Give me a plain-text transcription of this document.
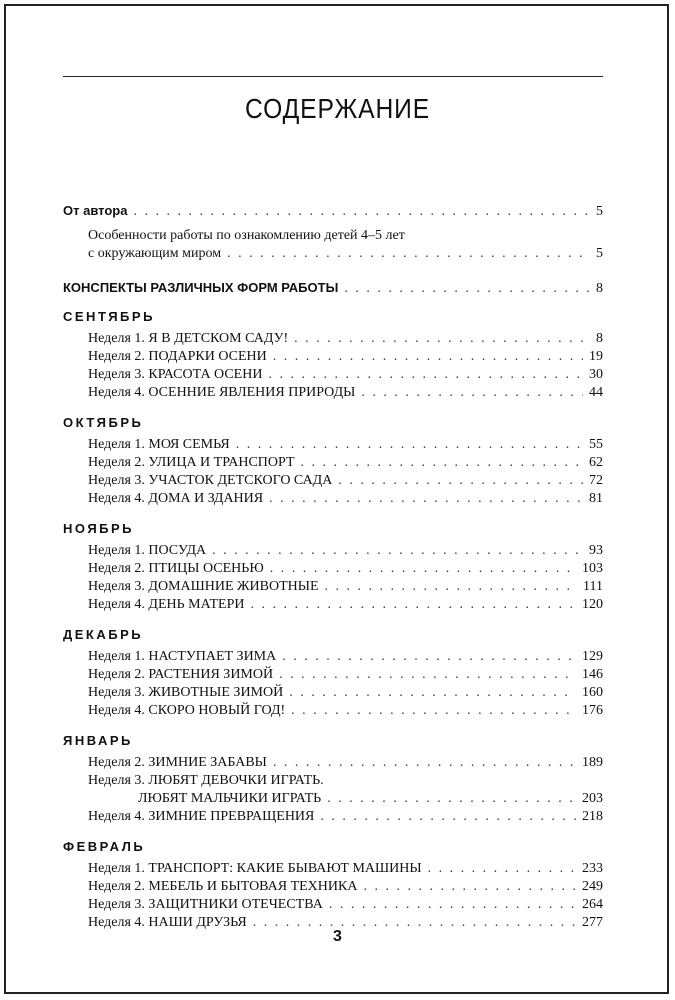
СОДЕРЖАНИЕ
От автора . . .	5
Особенности работы по ознакомлению детей 4–5 лет
с окружающим миром . . .	5
КОНСПЕКТЫ РАЗЛИЧНЫХ ФОРМ РАБОТЫ . . .	8
СЕНТЯБРЬ
Неделя 1. Я В ДЕТСКОМ САДУ! . . .	8
Неделя 2. ПОДАРКИ ОСЕНИ . . .	19
Неделя 3. КРАСОТА ОСЕНИ . . .	30
Неделя 4. ОСЕННИЕ ЯВЛЕНИЯ ПРИРОДЫ . . .	44
ОКТЯБРЬ
Неделя 1. МОЯ СЕМЬЯ . . .	55
Неделя 2. УЛИЦА И ТРАНСПОРТ . . .	62
Неделя 3. УЧАСТОК ДЕТСКОГО САДА . . .	72
Неделя 4. ДОМА И ЗДАНИЯ . . .	81
НОЯБРЬ
Неделя 1. ПОСУДА . . .	93
Неделя 2. ПТИЦЫ ОСЕНЬЮ . . .	103
Неделя 3. ДОМАШНИЕ ЖИВОТНЫЕ . . .	111
Неделя 4. ДЕНЬ МАТЕРИ . . .	120
ДЕКАБРЬ
Неделя 1. НАСТУПАЕТ ЗИМА . . .	129
Неделя 2. РАСТЕНИЯ ЗИМОЙ . . .	146
Неделя 3. ЖИВОТНЫЕ ЗИМОЙ . . .	160
Неделя 4. СКОРО НОВЫЙ ГОД! . . .	176
ЯНВАРЬ
Неделя 2. ЗИМНИЕ ЗАБАВЫ . . .	189
Неделя 3. ЛЮБЯТ ДЕВОЧКИ ИГРАТЬ.
ЛЮБЯТ МАЛЬЧИКИ ИГРАТЬ . . .	203
Неделя 4. ЗИМНИЕ ПРЕВРАЩЕНИЯ . . .	218
ФЕВРАЛЬ
Неделя 1. ТРАНСПОРТ: КАКИЕ БЫВАЮТ МАШИНЫ . . .	233
Неделя 2. МЕБЕЛЬ И БЫТОВАЯ ТЕХНИКА . . .	249
Неделя 3. ЗАЩИТНИКИ ОТЕЧЕСТВА . . .	264
Неделя 4. НАШИ ДРУЗЬЯ . . .	277
3
